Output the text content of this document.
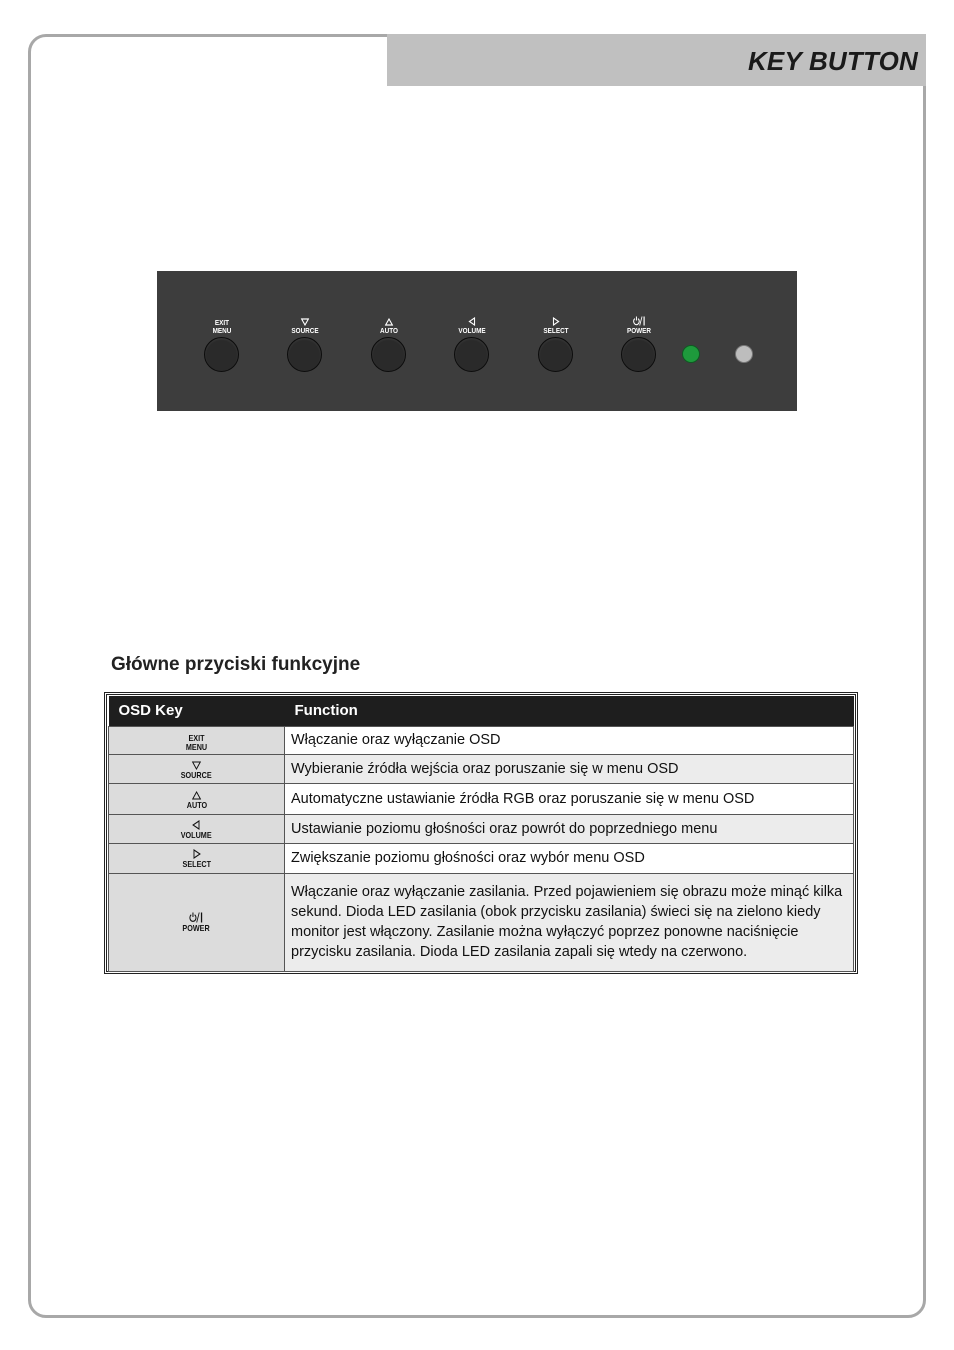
KEY BUTTON
EXIT
MENU	SOURCE	AUTO	VOLUME	SELECT	POWER
Główne przyciski funkcyjne
OSD Key	Function

EXIT
MENU	Włączanie oraz wyłączanie OSD

SOURCE	Wybieranie źródła wejścia oraz poruszanie się w menu OSD

AUTO	Automatyczne ustawianie źródła RGB oraz poruszanie się w menu OSD

VOLUME	Ustawianie poziomu głośności oraz powrót do poprzedniego menu

SELECT	Zwiększanie poziomu głośności oraz wybór menu OSD

POWER	Włączanie oraz wyłączanie zasilania. Przed pojawieniem się obrazu może minąć kilka sekund. Dioda LED zasilania (obok przycisku zasilania) świeci się na zielono kiedy monitor jest włączony. Zasilanie można wyłączyć poprzez ponowne naciśnięcie przycisku zasilania. Dioda LED zasilania zapali się wtedy na czerwono.
